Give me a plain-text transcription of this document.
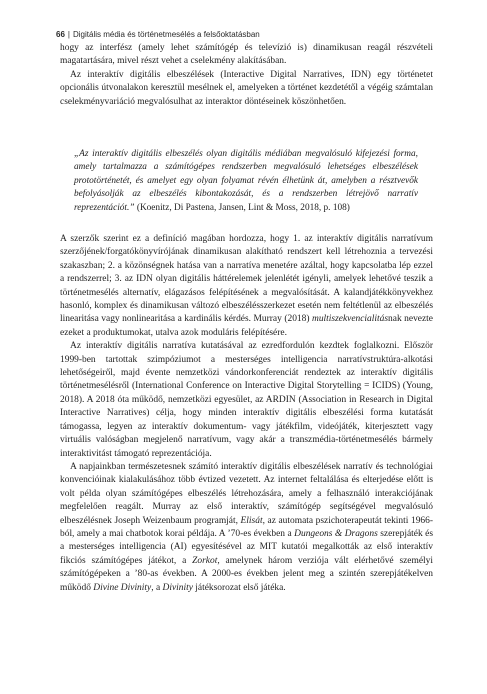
66 | Digitális média és történetmesélés a felsőoktatásban

hogy az interfész (amely lehet számítógép és televízió is) dinamikusan reagál részvételi magatartására, mivel részt vehet a cselekmény alakításában.

Az interaktív digitális elbeszélések (Interactive Digital Narratives, IDN) egy történetet opcionális útvonalakon keresztül mesélnek el, amelyeken a történet kezdetétől a végéig számtalan cselekményvariáció megvalósulhat az interaktor döntéseinek köszönhetően.

„Az interaktív digitális elbeszélés olyan digitális médiában megvalósuló kifejezési forma, amely tartalmazza a számítógépes rendszerben megvalósuló lehetséges elbeszélések prototörténetét, és amelyet egy olyan folyamat révén élhetünk át, amelyben a résztvevők befolyásolják az elbeszélés kibontakozását, és a rendszerben létrejövő narratív reprezentációt.” (Koenitz, Di Pastena, Jansen, Lint & Moss, 2018, p. 108)

A szerzők szerint ez a definíció magában hordozza, hogy 1. az interaktív digitális narratívum szerzőjének/forgatókönyvírójának dinamikusan alakítható rendszert kell létrehoznia a tervezési szakaszban; 2. a közönségnek hatása van a narratíva menetére azáltal, hogy kapcsolatba lép ezzel a rendszerrel; 3. az IDN olyan digitális háttérelemek jelenlétét igényli, amelyek lehetővé teszik a történetmesélés alternatív, elágazásos felépítésének a megvalósítását. A kalandjátékkönyvekhez hasonló, komplex és dinamikusan változó elbeszélésszerkezet esetén nem feltétlenül az elbeszélés linearitása vagy nonlinearitása a kardinális kérdés. Murray (2018) multiszekvencialitásnak nevezte ezeket a produktumokat, utalva azok moduláris felépítésére.

Az interaktív digitális narratíva kutatásával az ezredfordulón kezdtek foglalkozni. Először 1999-ben tartottak szimpóziumot a mesterséges intelligencia narratívstruktúra-alkotási lehetőségeiről, majd évente nemzetközi vándorkonferenciát rendeztek az interaktív digitális történetmesélésről (International Conference on Interactive Digital Storytelling = ICIDS) (Young, 2018). A 2018 óta működő, nemzetközi egyesület, az ARDIN (Association in Research in Digital Interactive Narratives) célja, hogy minden interaktív digitális elbeszélési forma kutatását támogassa, legyen az interaktív dokumentum- vagy játékfilm, videójáték, kiterjesztett vagy virtuális valóságban megjelenő narratívum, vagy akár a transzmédia-történetmesélés bármely interaktivitást támogató reprezentációja.

A napjainkban természetesnek számító interaktív digitális elbeszélések narratív és technológiai konvencióinak kialakulásához több évtized vezetett. Az internet feltalálása és elterjedése előtt is volt példa olyan számítógépes elbeszélés létrehozására, amely a felhasználó interakciójának megfelelően reagált. Murray az első interaktív, számítógép segítségével megvalósuló elbeszélésnek Joseph Weizenbaum programját, Elisát, az automata pszichoterapeutát tekinti 1966-ból, amely a mai chatbotok korai példája. A ’70-es években a Dungeons & Dragons szerepjáték és a mesterséges intelligencia (AI) egyesítésével az MIT kutatói megalkották az első interaktív fikciós számítógépes játékot, a Zorkot, amelynek három verziója vált elérhetővé személyi számítógépeken a ’80-as években. A 2000-es években jelent meg a szintén szerepjátékelven működő Divine Divinity, a Divinity játéksorozat első játéka.
